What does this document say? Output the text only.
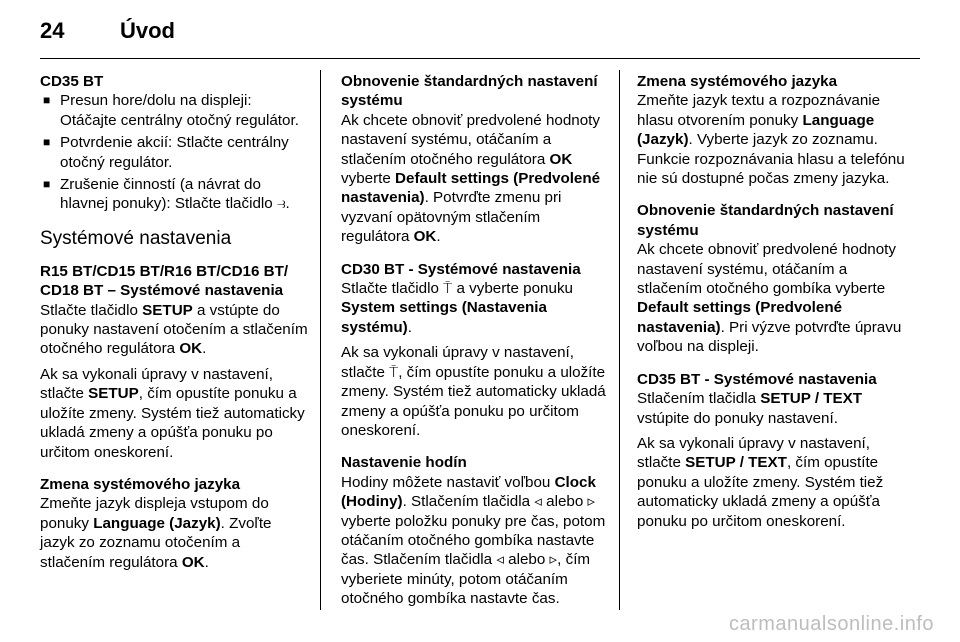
24	Úvod
CD35 BT
■ Presun hore/dolu na displeji: Otáčajte centrálny otočný regulátor.
■ Potvrdenie akcií: Stlačte centrálny otočný regulátor.
■ Zrušenie činností (a návrat do hlavnej ponuky): Stlačte tlačidlo ⥽.
Systémové nastavenia
R15 BT/CD15 BT/R16 BT/CD16 BT/ CD18 BT – Systémové nastavenia

Stlačte tlačidlo SETUP a vstúpte do ponuky nastavení otočením a stlačením otočného regulátora OK.

Ak sa vykonali úpravy v nastavení, stlačte SETUP, čím opustíte ponuku a uložíte zmeny. Systém tiež automaticky ukladá zmeny a opúšťa ponuku po určitom oneskorení.

Zmena systémového jazyka

Zmeňte jazyk displeja vstupom do ponuky Language (Jazyk). Zvoľte jazyk zo zoznamu otočením a stlačením regulátora OK.

Obnovenie štandardných nastavení systému

Ak chcete obnoviť predvolené hodnoty nastavení systému, otáčaním a stlačením otočného regulátora OK vyberte Default settings (Predvolené nastavenia). Potvrďte zmenu pri vyzvaní opätovným stlačením regulátora OK.

CD30 BT - Systémové nastavenia

Stlačte tlačidlo ⍑ a vyberte ponuku System settings (Nastavenia systému).

Ak sa vykonali úpravy v nastavení, stlačte ⍑, čím opustíte ponuku a uložíte zmeny. Systém tiež automaticky ukladá zmeny a opúšťa ponuku po určitom oneskorení.

Nastavenie hodín

Hodiny môžete nastaviť voľbou Clock (Hodiny). Stlačením tlačidla ◃ alebo ▹ vyberte položku ponuky pre čas, potom otáčaním otočného gombíka nastavte čas. Stlačením tlačidla ◃ alebo ▹, čím vyberiete minúty, potom otáčaním otočného gombíka nastavte čas.

Zmena systémového jazyka

Zmeňte jazyk textu a rozpoznávanie hlasu otvorením ponuky Language (Jazyk). Vyberte jazyk zo zoznamu. Funkcie rozpoznávania hlasu a telefónu nie sú dostupné počas zmeny jazyka.

Obnovenie štandardných nastavení systému

Ak chcete obnoviť predvolené hodnoty nastavení systému, otáčaním a stlačením otočného gombíka vyberte Default settings (Predvolené nastavenia). Pri výzve potvrďte úpravu voľbou na displeji.

CD35 BT - Systémové nastavenia

Stlačením tlačidla SETUP / TEXT vstúpite do ponuky nastavení.

Ak sa vykonali úpravy v nastavení, stlačte SETUP / TEXT, čím opustíte ponuku a uložíte zmeny. Systém tiež automaticky ukladá zmeny a opúšťa ponuku po určitom oneskorení.

carmanualsonline.info
